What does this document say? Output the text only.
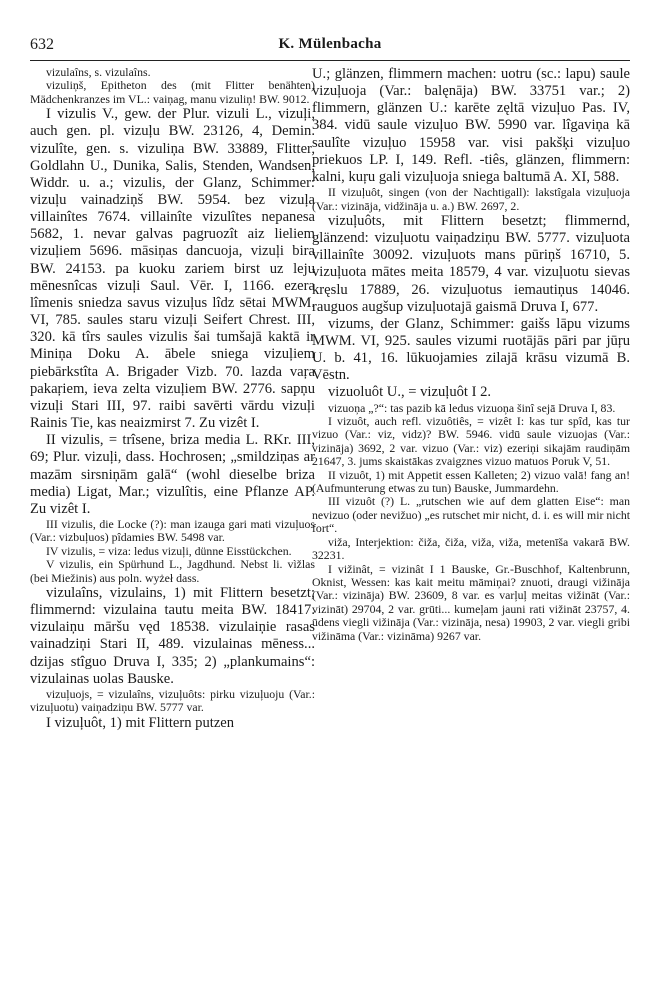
632	K. Mülenbacha

vizulaîns, s. vizulaîns.

vizuliņš, Epitheton des (mit Flitter benähten) Mädchenkranzes im VL.: vaiņag, manu vizuliņ! BW. 9012.

I vizulis V., gew. der Plur. vizuli L., vizuļi, auch gen. pl. vizuļu BW. 23126, 4, Demin. vizulîte, gen. s. vizuliņa BW. 33889, Flitter, Goldlahn U., Dunika, Salis, Stenden, Wandsen, Widdr. u. a.; vizulis, der Glanz, Schimmer: vizuļu vainadziņš BW. 5954. bez vizuļa villainîtes 7674. villainîte vizulîtes nepanesa 5682, 1. nevar galvas pagruozît aiz lieliem vizuļiem 5696. māsiņas dancuoja, vizuļi bira BW. 24153. pa kuoku zariem birst uz leju mēnesnîcas vizuļi Saul. Vēr. I, 1166. ezera lîmenis sniedza savus vizuļus lîdz sētai MWM. VI, 785. saules staru vizuļi Seifert Chrest. III, 320. kā tîrs saules vizulis šai tumšajā kaktā ir Miniņa Doku A. ābele sniega vizuļiem piebārkstîta A. Brigader Vizb. 70. lazda vaŗa pakaŗiem, ieva zelta vizuļiem BW. 2776. sapņu vizuļi Stari III, 97. raibi savērti vārdu vizuļi Rainis Tie, kas neaizmirst 7. Zu vizêt I.

II vizulis, = trîsene, briza media L. RKr. III, 69; Plur. vizuļi, dass. Hochrosen; „smildziņas ar mazām sirsniņām galā“ (wohl dieselbe briza media) Ligat, Mar.; vizulîtis, eine Pflanze AP. Zu vizêt I.

III vizulis, die Locke (?): man izauga gari mati vizuļuos (Var.: vizbuļuos) pîdamies BW. 5498 var.

IV vizulis, = viza: ledus vizuļi, dünne Eisstückchen.

V vizulis, ein Spürhund L., Jagdhund. Nebst li. vìžlas (bei Miežinis) aus poln. wyżeł dass.

vizulaîns, vizulains, 1) mit Flittern besetzt; flimmernd: vizulaina tautu meita BW. 18417. vizulaiņu māršu vęd 18538. vizulaiņie rasas vainadziņi Stari II, 489. vizulainas mēness... dzijas stîguo Druva I, 335; 2) „plankumains“: vizulainas uolas Bauske.

vizuļuojs, = vizulaîns, vizuļuôts: pirku vizuļuoju (Var.: vizuļuotu) vaiņadziņu BW. 5777 var.

I vizuļuôt, 1) mit Flittern putzen

U.; glänzen, flimmern machen: uotru (sc.: lapu) saule vizuļuoja (Var.: balęnāja) BW. 33751 var.; 2) flimmern, glänzen U.: karēte zęltā vizuļuo Pas. IV, 384. vidū saule vizuļuo BW. 5990 var. lîgaviņa kā saulîte vizuļuo 15958 var. visi pakšķi vizuļuo priekuos LP. I, 149. Refl. -tiês, glänzen, flimmern: kalni, kuŗu gali vizuļuoja sniega baltumā A. XI, 588.

II vizuļuôt, singen (von der Nachtigall): lakstîgala vizuļuoja (Var.: vizināja, vidžināja u. a.) BW. 2697, 2.

vizuļuôts, mit Flittern besetzt; flimmernd, glänzend: vizuļuotu vaiņadziņu BW. 5777. vizuļuota villainîte 30092. vizuļuots mans pūriņš 16710, 5. vizuļuota mātes meita 18579, 4 var. vizuļuotu sievas kręslu 17889, 26. vizuļuotus iemautiņus 14046. rauguos augšup vizuļuotajā gaismā Druva I, 677.

vizums, der Glanz, Schimmer: gaišs lāpu vizums MWM. VI, 925. saules vizumi ruotājās pāri par jūŗu U. b. 41, 16. lūkuojamies zilajā krāsu vizumā B. Vēstn.

vizuoluôt U., = vizuļuôt I 2.

vizuoņa „?“: tas pazib kā ledus vizuoņa šinî sejā Druva I, 83.

I vizuôt, auch refl. vizuôtiês, = vizêt I: kas tur spîd, kas tur vizuo (Var.: viz, vidz)? BW. 5946. vidū saule vizuojas (Var.: vizināja) 3692, 2 var. vizuo (Var.: viz) ezeriņi sikajām raudiņām 21647, 3. jums skaistākas zvaigznes vizuo matuos Poruk V, 51.

II vizuôt, 1) mit Appetit essen Kalleten; 2) vizuo valā! fang an! (Aufmunterung etwas zu tun) Bauske, Jummardehn.

III vizuôt (?) L. „rutschen wie auf dem glatten Eise“: man nevizuo (oder nevižuo) „es rutschet mir nicht, d. i. es will mir nicht fort“.

viža, Interjektion: čiža, čiža, viža, viža, metenīša vakarā BW. 32231.

I vižinât, = vizinât I 1 Bauske, Gr.-Buschhof, Kaltenbrunn, Oknist, Wessen: kas kait meitu māmiņai? znuoti, draugi vižināja (Var.: vizināja) BW. 23609, 8 var. es varļuļ meitas vižināt (Var.: vizināt) 29704, 2 var. grūti... kumeļam jauni rati vižināt 23757, 4. ūdens viegli vižināja (Var.: vizināja, nesa) 19903, 2 var. viegli gribi vižināma (Var.: vizināma) 9267 var.
